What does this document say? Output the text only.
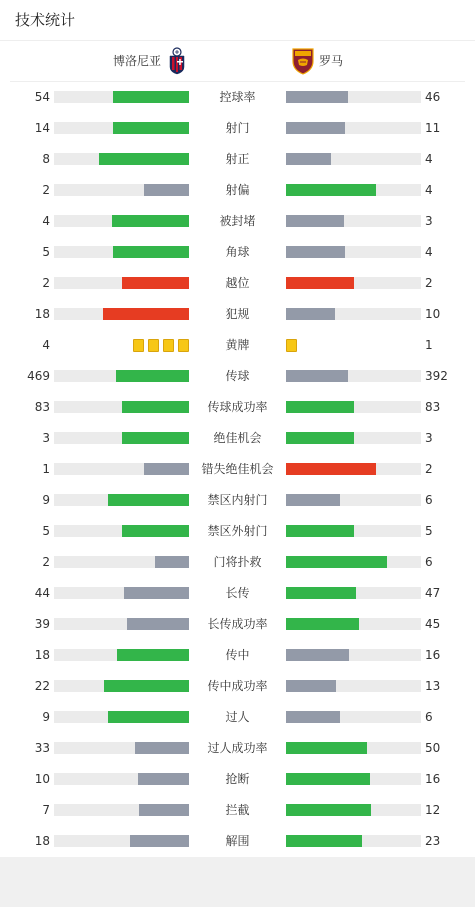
技术统计
博洛尼亚	罗马
54	控球率	46
14	射门	11
8	射正	4
2	射偏	4
4	被封堵	3
5	角球	4
2	越位	2
18	犯规	10
4	黄牌	1
469	传球	392
83	传球成功率	83
3	绝佳机会	3
1	错失绝佳机会	2
9	禁区内射门	6
5	禁区外射门	5
2	门将扑救	6
44	长传	47
39	长传成功率	45
18	传中	16
22	传中成功率	13
9	过人	6
33	过人成功率	50
10	抢断	16
7	拦截	12
18	解围	23
